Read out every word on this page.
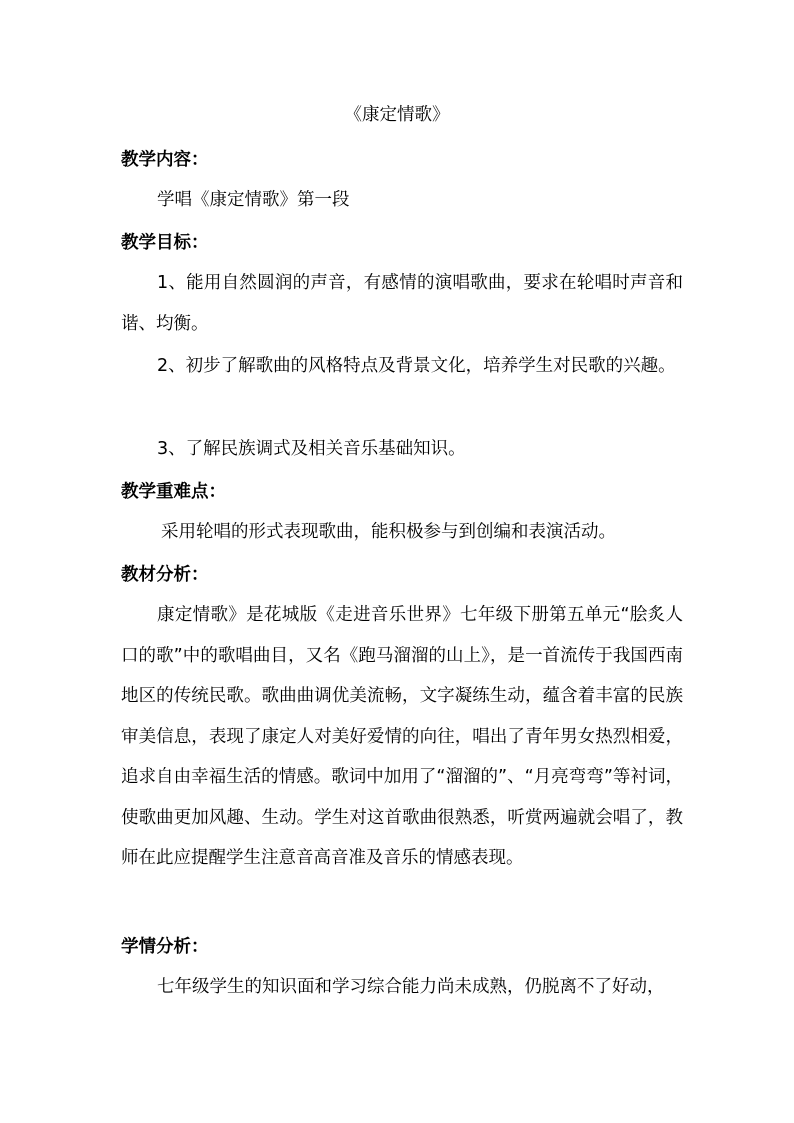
《康定情歌》
教学内容：
学唱《康定情歌》第一段
教学目标：
1、能用自然圆润的声音，有感情的演唱歌曲，要求在轮唱时声音和谐、均衡。
2、初步了解歌曲的风格特点及背景文化，培养学生对民歌的兴趣。
3、了解民族调式及相关音乐基础知识。
教学重难点：
采用轮唱的形式表现歌曲，能积极参与到创编和表演活动。
教材分析：
康定情歌》是花城版《走进音乐世界》七年级下册第五单元“脍炙人口的歌”中的歌唱曲目，又名《跑马溜溜的山上》，是一首流传于我国西南地区的传统民歌。歌曲曲调优美流畅，文字凝练生动，蕴含着丰富的民族审美信息，表现了康定人对美好爱情的向往，唱出了青年男女热烈相爱，追求自由幸福生活的情感。歌词中加用了“溜溜的”、“月亮弯弯”等衬词，使歌曲更加风趣、生动。学生对这首歌曲很熟悉，听赏两遍就会唱了，教师在此应提醒学生注意音高音准及音乐的情感表现。
学情分析：
七年级学生的知识面和学习综合能力尚未成熟，仍脱离不了好动，
